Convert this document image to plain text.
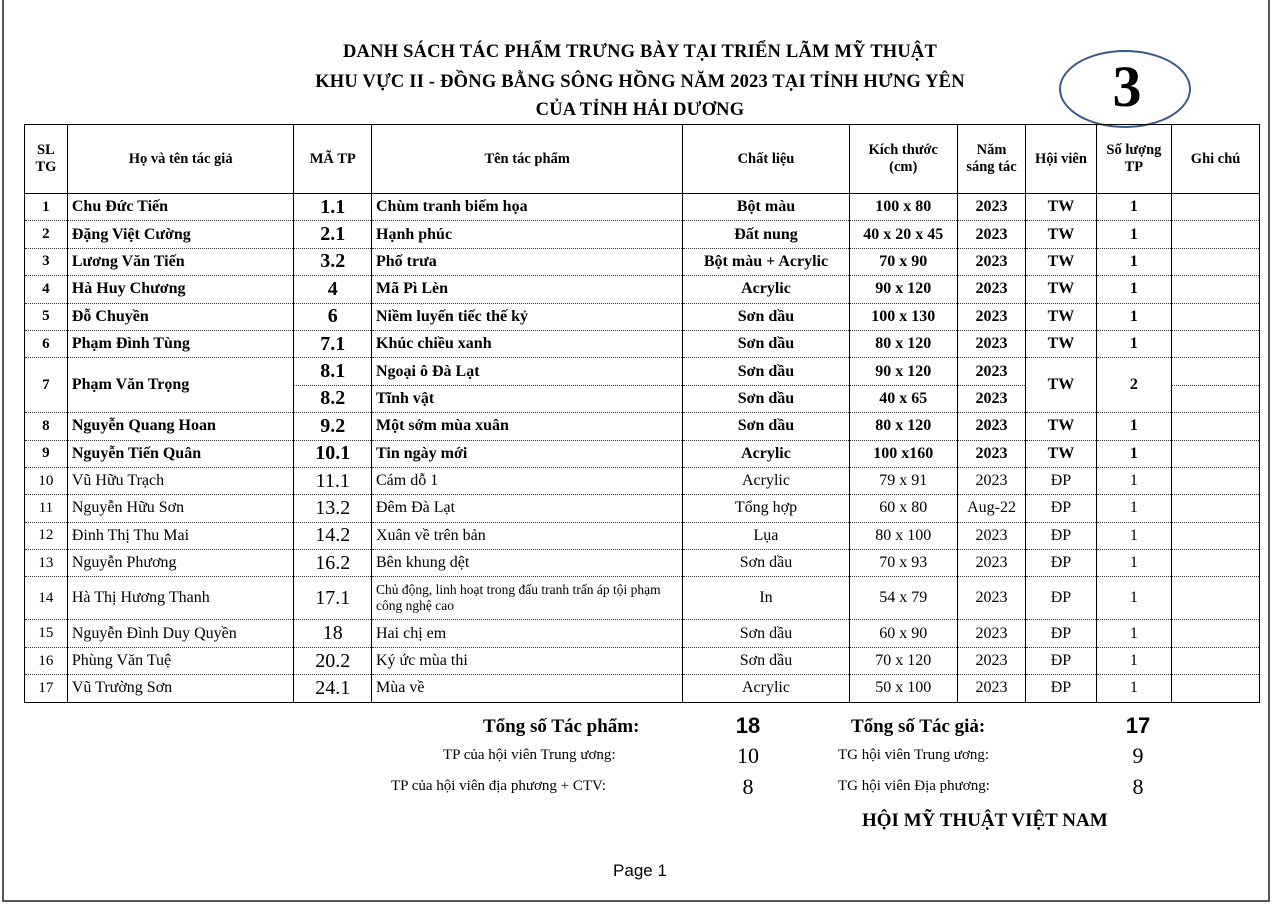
DANH SÁCH TÁC PHẨM TRƯNG BÀY TẠI TRIỂN LÃM MỸ THUẬT
KHU VỰC II - ĐỒNG BẰNG SÔNG HỒNG NĂM 2023 TẠI TỈNH HƯNG YÊN
CỦA TỈNH HẢI DƯƠNG	3
SL TG	Họ và tên tác giả	MÃ TP	Tên tác phẩm	Chất liệu	Kích thước (cm)	Năm sáng tác	Hội viên	Số lượng TP	Ghi chú
1	Chu Đức Tiến	1.1	Chùm tranh biếm họa	Bột màu	100 x 80	2023	TW	1	
2	Đặng Việt Cường	2.1	Hạnh phúc	Đất nung	40 x 20 x 45	2023	TW	1	
3	Lương Văn Tiến	3.2	Phố trưa	Bột màu + Acrylic	70 x 90	2023	TW	1	
4	Hà Huy Chương	4	Mã Pì Lèn	Acrylic	90 x 120	2023	TW	1	
5	Đỗ Chuyền	6	Niềm luyến tiếc thế kỷ	Sơn dầu	100 x 130	2023	TW	1	
6	Phạm Đình Tùng	7.1	Khúc chiều xanh	Sơn dầu	80 x 120	2023	TW	1	
7	Phạm Văn Trọng	8.1	Ngoại ô Đà Lạt	Sơn dầu	90 x 120	2023	TW	2	
		8.2	Tĩnh vật	Sơn dầu	40 x 65	2023			
8	Nguyễn Quang Hoan	9.2	Một sớm mùa xuân	Sơn dầu	80 x 120	2023	TW	1	
9	Nguyễn Tiến Quân	10.1	Tin ngày mới	Acrylic	100 x160	2023	TW	1	
10	Vũ Hữu Trạch	11.1	Cám dỗ 1	Acrylic	79 x 91	2023	ĐP	1	
11	Nguyễn Hữu Sơn	13.2	Đêm Đà Lạt	Tổng hợp	60 x 80	Aug-22	ĐP	1	
12	Đinh Thị Thu Mai	14.2	Xuân về trên bản	Lụa	80 x 100	2023	ĐP	1	
13	Nguyễn Phương	16.2	Bên khung dệt	Sơn dầu	70 x 93	2023	ĐP	1	
14	Hà Thị Hương Thanh	17.1	Chủ động, linh hoạt trong đấu tranh trấn áp tội phạm công nghệ cao	In	54 x 79	2023	ĐP	1	
15	Nguyễn Đình Duy Quyền	18	Hai chị em	Sơn dầu	60 x 90	2023	ĐP	1	
16	Phùng Văn Tuệ	20.2	Ký ức mùa thi	Sơn dầu	70 x 120	2023	ĐP	1	
17	Vũ Trường Sơn	24.1	Mùa về	Acrylic	50 x 100	2023	ĐP	1	
Tổng số Tác phẩm:	18	Tổng số Tác giả:	17
TP của hội viên Trung ương:	10	TG hội viên Trung ương:	9
TP của hội viên địa phương + CTV:	8	TG hội viên Địa phương:	8
HỘI MỸ THUẬT VIỆT NAM
Page 1
